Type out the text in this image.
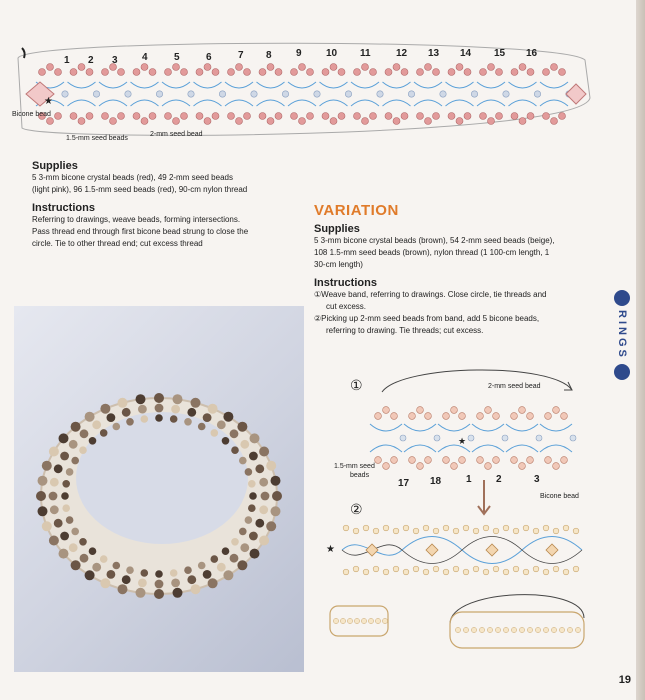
1 2 3 4	5	6	7 8 9 10 11	12 13 14 15 16
Bicone bead
1.5-mm seed beads
2-mm seed bead
★
Supplies

5 3-mm bicone crystal beads (red), 49 2-mm seed beads

(light pink), 96 1.5-mm seed beads (red), 90-cm nylon thread

Instructions

Referring to drawings, weave beads, forming intersections.

Pass thread end through first bicone bead strung to close the

circle. Tie to other thread end; cut excess thread

VARIATION
Supplies

5 3-mm bicone crystal beads (brown), 54 2-mm seed beads (beige),

108 1.5-mm seed beads (brown), nylon thread (1 100-cm length, 1

30-cm length)

Instructions

①Weave band, referring to drawings. Close circle, tie threads and

cut excess.

②Picking up 2-mm seed beads from band, add 5 bicone beads,

referring to drawing. Tie threads; cut excess.	RINGS
①	2-mm seed bead
★
1.5-mm seed
beads
17 18 1 2	3
②
Bicone bead
★
19
